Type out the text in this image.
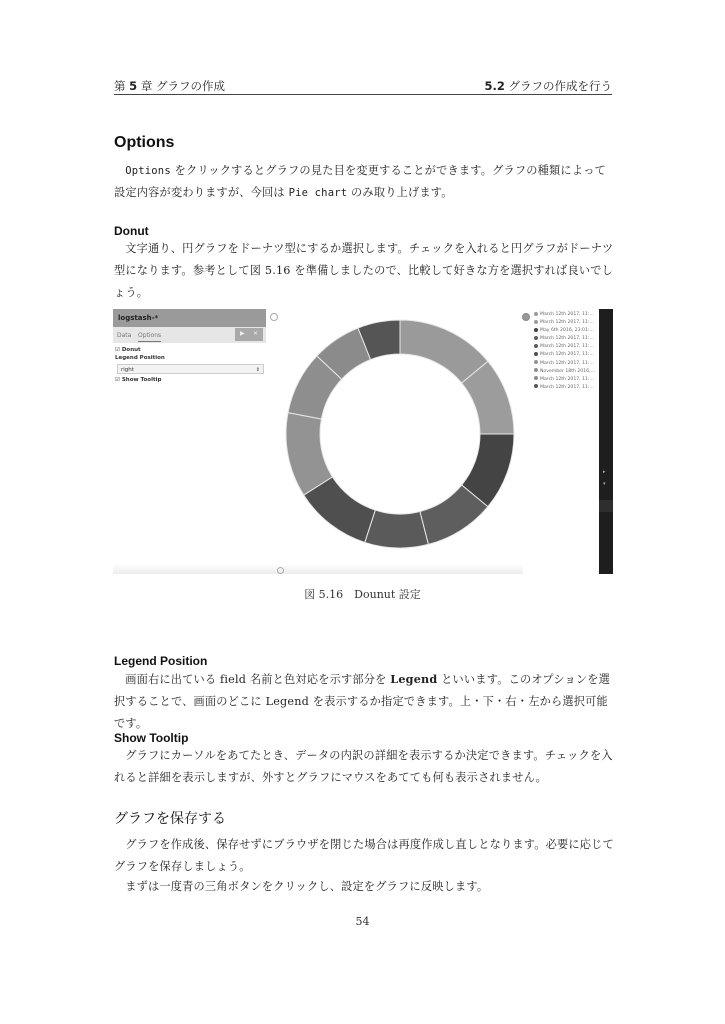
第 5 章 グラフの作成	5.2 グラフの作成を行う
Options

Options をクリックするとグラフの見た目を変更することができます。グラフの種類によって設定内容が変わりますが、今回は Pie chart のみ取り上げます。

Donut

文字通り、円グラフをドーナツ型にするか選択します。チェックを入れると円グラフがドーナツ型になります。参考として図 5.16 を準備しましたので、比較して好きな方を選択すれば良いでしょう。

logstash-*
Data Options	▶ ✕
☑ Donut
Legend Position
right	⇕
☑ Show Tooltip
March 12th 2017, 11:...
March 12th 2017, 11:...
May 6th 2016, 23:01:...
March 12th 2017, 11:...
March 12th 2017, 11:...
March 12th 2017, 11:...
March 12th 2017, 11:...
November 18th 2016,...
March 12th 2017, 11:...
March 12th 2017, 11:...
▸
▾
図 5.16　Dounut 設定
Legend Position

画面右に出ている field 名前と色対応を示す部分を Legend といいます。このオプションを選択することで、画面のどこに Legend を表示するか指定できます。上・下・右・左から選択可能です。

Show Tooltip

グラフにカーソルをあてたとき、データの内訳の詳細を表示するか決定できます。チェックを入れると詳細を表示しますが、外すとグラフにマウスをあてても何も表示されません。

グラフを保存する

グラフを作成後、保存せずにブラウザを閉じた場合は再度作成し直しとなります。必要に応じてグラフを保存しましょう。

まずは一度青の三角ボタンをクリックし、設定をグラフに反映します。

54
